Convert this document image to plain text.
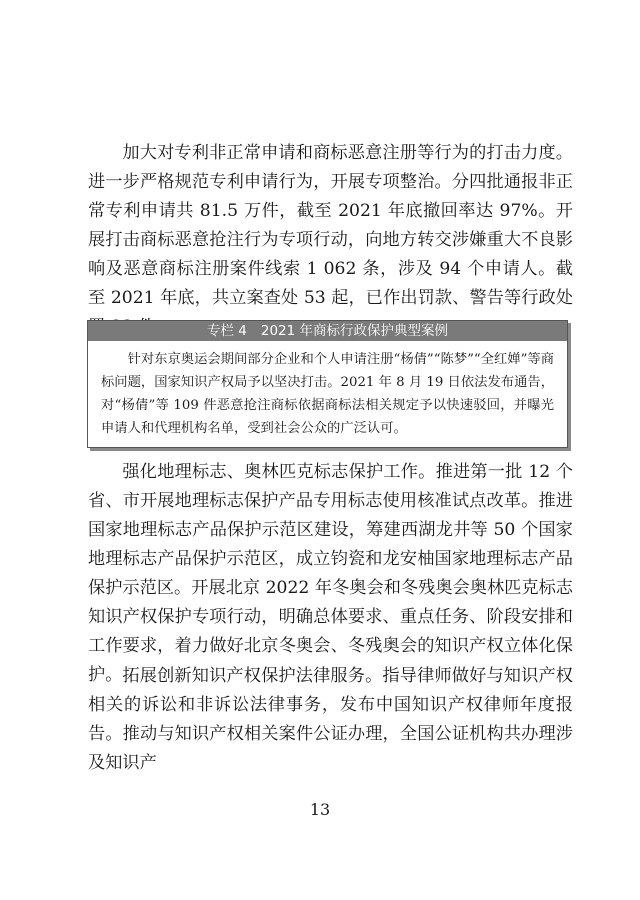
加大对专利非正常申请和商标恶意注册等行为的打击力度。进一步严格规范专利申请行为，开展专项整治。分四批通报非正常专利申请共 81.5 万件，截至 2021 年底撤回率达 97%。开展打击商标恶意抢注行为专项行动，向地方转交涉嫌重大不良影响及恶意商标注册案件线索 1 062 条，涉及 94 个申请人。截至 2021 年底，共立案查处 53 起，已作出罚款、警告等行政处

专栏 4 2021 年商标行政保护典型案例

针对东京奥运会期间部分企业和个人申请注册“杨倩”“陈梦”“全红婵”等商标问题，国家知识产权局予以坚决打击。2021 年 8 月 19 日依法发布通告，对“杨倩”等 109 件恶意抢注商标依据商标法相关规定予以快速驳回，并曝光申请人和代理机构名单，受到社会公众的广泛认可。

强化地理标志、奥林匹克标志保护工作。推进第一批 12 个省、市开展地理标志保护产品专用标志使用核准试点改革。推进国家地理标志产品保护示范区建设，筹建西湖龙井等 50 个国家地理标志产品保护示范区，成立钧瓷和龙安柚国家地理标志产品保护示范区。开展北京 2022 年冬奥会和冬残奥会奥林匹克标志知识产权保护专项行动，明确总体要求、重点任务、阶段安排和工作要求，着力做好北京冬奥会、冬残奥会的知识产权立体化保护。 拓展创新知识产权保护法律服务。指导律师做好与知识产权相关的诉讼和非诉讼法律事务，发布中国知识产权律师年度报告。推动与知识产权相关案件公证办理，全国公证机构共办理涉及知识产

13
